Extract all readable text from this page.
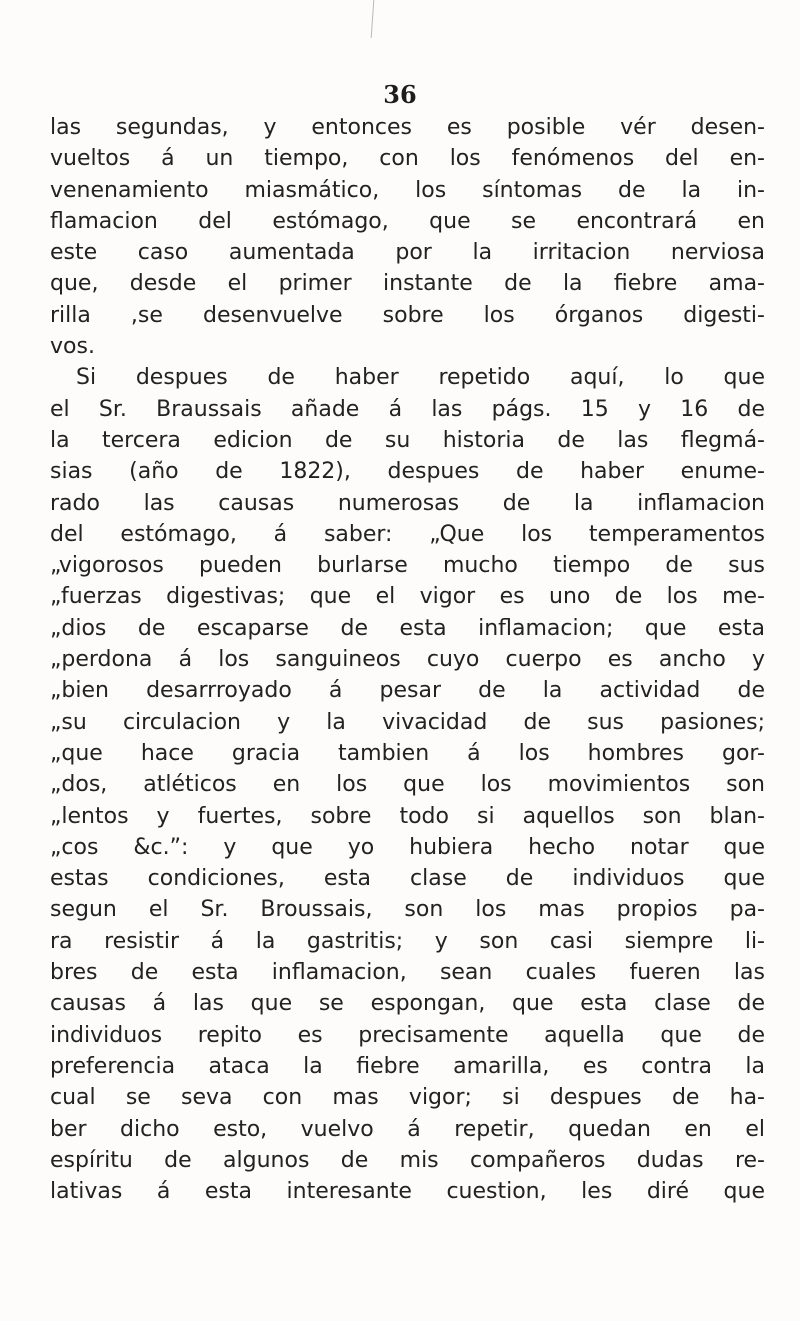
36
las segundas, y entonces es posible vér desen-
vueltos á un tiempo, con los fenómenos del en-
venenamiento miasmático, los síntomas de la in-
flamacion del estómago, que se encontrará en
este caso aumentada por la irritacion nerviosa
que, desde el primer instante de la fiebre ama-
rilla ,se desenvuelve sobre los órganos digesti-
vos.
Si despues de haber repetido aquí, lo que
el Sr. Braussais añade á las págs. 15 y 16 de
la tercera edicion de su historia de las flegmá-
sias (año de 1822), despues de haber enume-
rado las causas numerosas de la inflamacion
del estómago, á saber: „Que los temperamentos
„vigorosos pueden burlarse mucho tiempo de sus
„fuerzas digestivas; que el vigor es uno de los me-
„dios de escaparse de esta inflamacion; que esta
„perdona á los sanguineos cuyo cuerpo es ancho y
„bien desarrroyado á pesar de la actividad de
„su circulacion y la vivacidad de sus pasiones;
„que hace gracia tambien á los hombres gor-
„dos, atléticos en los que los movimientos son
„lentos y fuertes, sobre todo si aquellos son blan-
„cos &c.”: y que yo hubiera hecho notar que
estas condiciones, esta clase de individuos que
segun el Sr. Broussais, son los mas propios pa-
ra resistir á la gastritis; y son casi siempre li-
bres de esta inflamacion, sean cuales fueren las
causas á las que se espongan, que esta clase de
individuos repito es precisamente aquella que de
preferencia ataca la fiebre amarilla, es contra la
cual se seva con mas vigor; si despues de ha-
ber dicho esto, vuelvo á repetir, quedan en el
espíritu de algunos de mis compañeros dudas re-
lativas á esta interesante cuestion, les diré que
